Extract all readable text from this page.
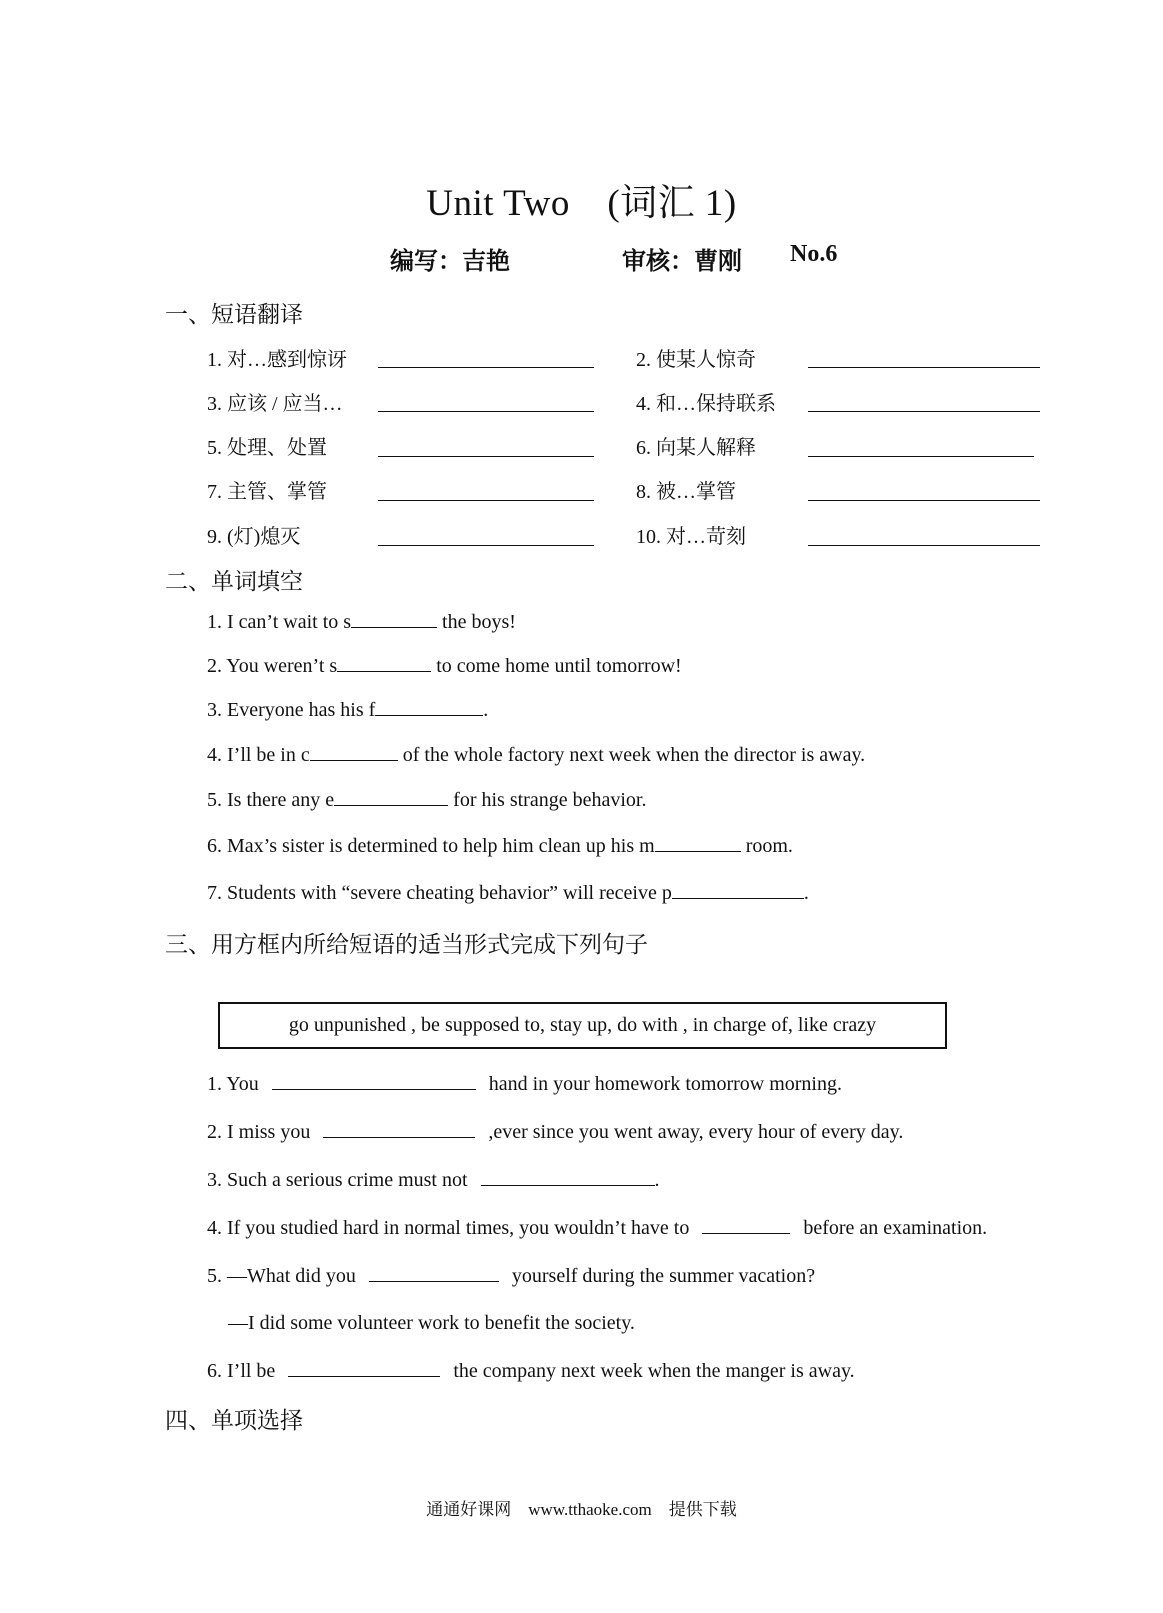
Unit Two　(词汇 1)
编写：吉艳	审核：曹刚 No.6
一、短语翻译
1. 对…感到惊讶	2. 使某人惊奇
3. 应该 / 应当…	4. 和…保持联系
5. 处理、处置	6. 向某人解释
7. 主管、掌管	8. 被…掌管
9. (灯)熄灭	10. 对…苛刻
二、单词填空
1. I can’t wait to s	the boys!
2. You weren’t s	to come home until tomorrow!
3. Everyone has his f	.
4. I’ll be in c	of the whole factory next week when the director is away.
5. Is there any e	for his strange behavior.
6. Max’s sister is determined to help him clean up his m	room.
7. Students with “severe cheating behavior” will receive p	.
三、用方框内所给短语的适当形式完成下列句子
go unpunished , be supposed to, stay up, do with , in charge of, like crazy
1. You	hand in your homework tomorrow morning.
2. I miss you	,ever since you went away, every hour of every day.
3. Such a serious crime must not	.
4. If you studied hard in normal times, you wouldn’t have to	before an examination.
5. —What did you	yourself during the summer vacation?
—I did some volunteer work to benefit the society.
6. I’ll be	the company next week when the manger is away.
四、单项选择
通通好课网　www.tthaoke.com　提供下载
